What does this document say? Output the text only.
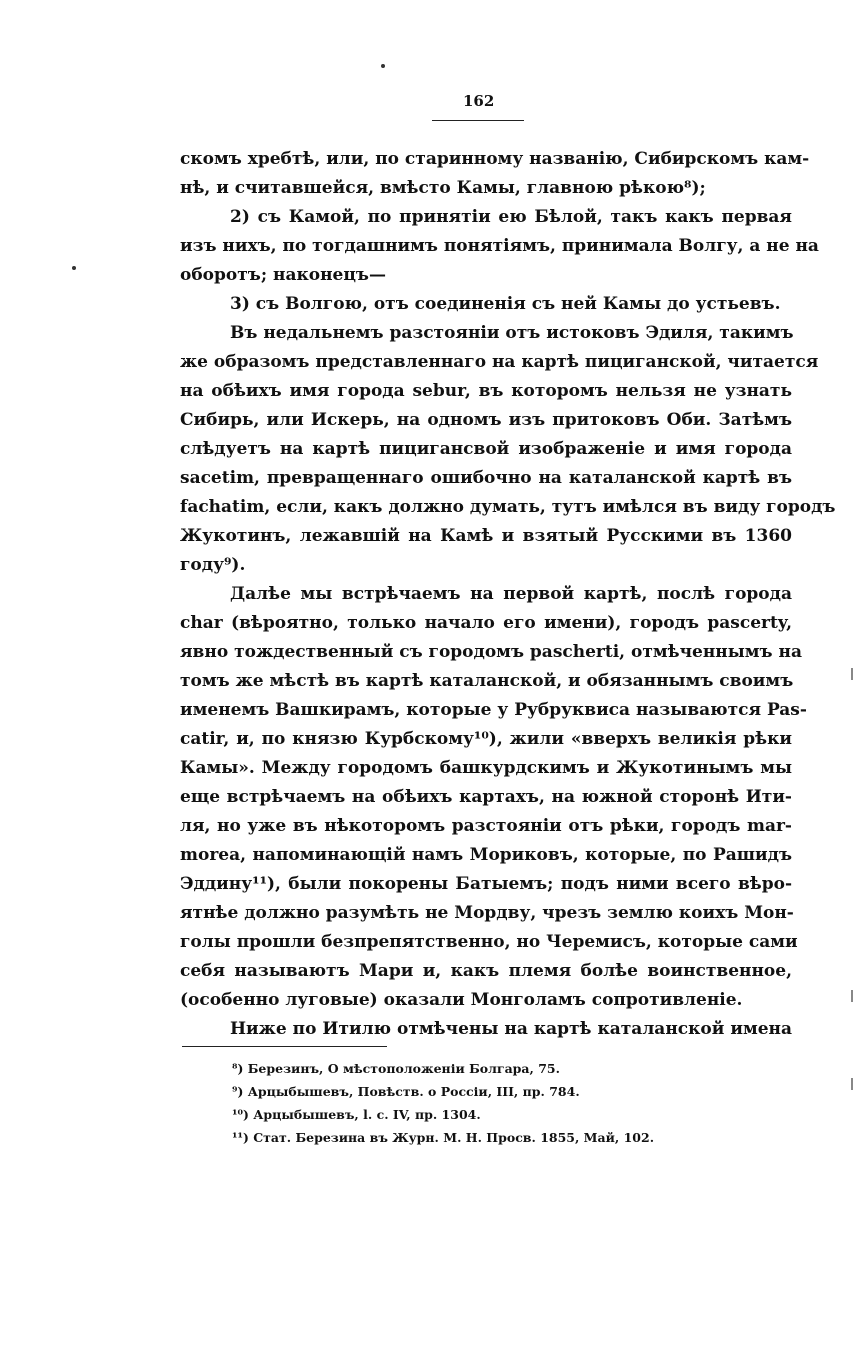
162
скомъ хребтѣ, или, по старинному названію, Сибирскомъ кам-
нѣ, и считавшейся, вмѣсто Камы, главною рѣкою⁸);
2) съ Камой, по принятіи ею Бѣлой, такъ какъ первая
изъ нихъ, по тогдашнимъ понятіямъ, принимала Волгу, а не на
оборотъ; наконецъ—
3) съ Волгою, отъ соединенія съ ней Камы до устьевъ.
Въ недальнемъ разстояніи отъ истоковъ Эдиля, такимъ
же образомъ представленнаго на картѣ пициганской, читается
на обѣихъ имя города sebur, въ которомъ нельзя не узнать
Сибирь, или Искерь, на одномъ изъ притоковъ Оби. Затѣмъ
слѣдуетъ на картѣ пицигансвой изображеніе и имя города
sacetim, превращеннаго ошибочно на каталанской картѣ въ
fachatim, если, какъ должно думать, тутъ имѣлся въ виду городъ
Жукотинъ, лежавшій на Камѣ и взятый Русскими въ 1360
году⁹).
Далѣе мы встрѣчаемъ на первой картѣ, послѣ города
char (вѣроятно, только начало его имени), городъ pascerty,
явно тождественный съ городомъ pascherti, отмѣченнымъ на
томъ же мѣстѣ въ картѣ каталанской, и обязаннымъ своимъ
именемъ Вашкирамъ, которые у Рубруквиса называются Pas-
catir, и, по князю Курбскому¹⁰), жили «вверхъ великія рѣки
Камы». Между городомъ башкурдскимъ и Жукотинымъ мы
еще встрѣчаемъ на обѣихъ картахъ, на южной сторонѣ Ити-
ля, но уже въ нѣкоторомъ разстояніи отъ рѣки, городъ mar-
morea, напоминающій намъ Мориковъ, которые, по Рашидъ
Эддину¹¹), были покорены Батыемъ; подъ ними всего вѣро-
ятнѣе должно разумѣть не Мордву, чрезъ землю коихъ Мон-
голы прошли безпрепятственно, но Черемисъ, которые сами
себя называютъ Мари и, какъ племя болѣе воинственное,
(особенно луговые) оказали Монголамъ сопротивленіе.
Ниже по Итилю отмѣчены на картѣ каталанской имена
⁸) Березинъ, О мѣстоположеніи Болгара, 75.
⁹) Арцыбышевъ, Повѣств. о Россіи, III, пр. 784.
¹⁰) Арцыбышевъ, l. c. IV, пр. 1304.
¹¹) Стат. Березина въ Журн. М. Н. Просв. 1855, Май, 102.
